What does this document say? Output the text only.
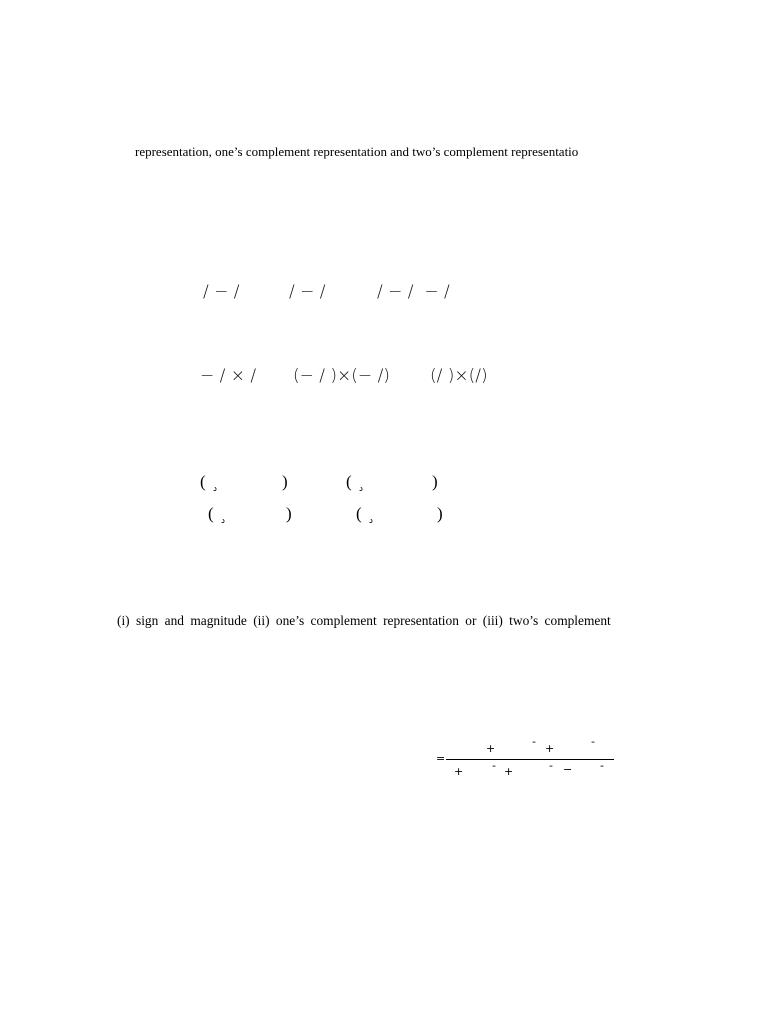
representation, one’s complement representation and two’s complement representatio
/ − /	/ − /	/ − /  − /
− / × / (− / )×(− /) (/ )×(/)
( د	)	( د	)
( د	)	( د	)
(i) sign and magnitude (ii) one’s complement representation or (iii) two’s complement
=
+
-
+
-
+	- +	- −	-
